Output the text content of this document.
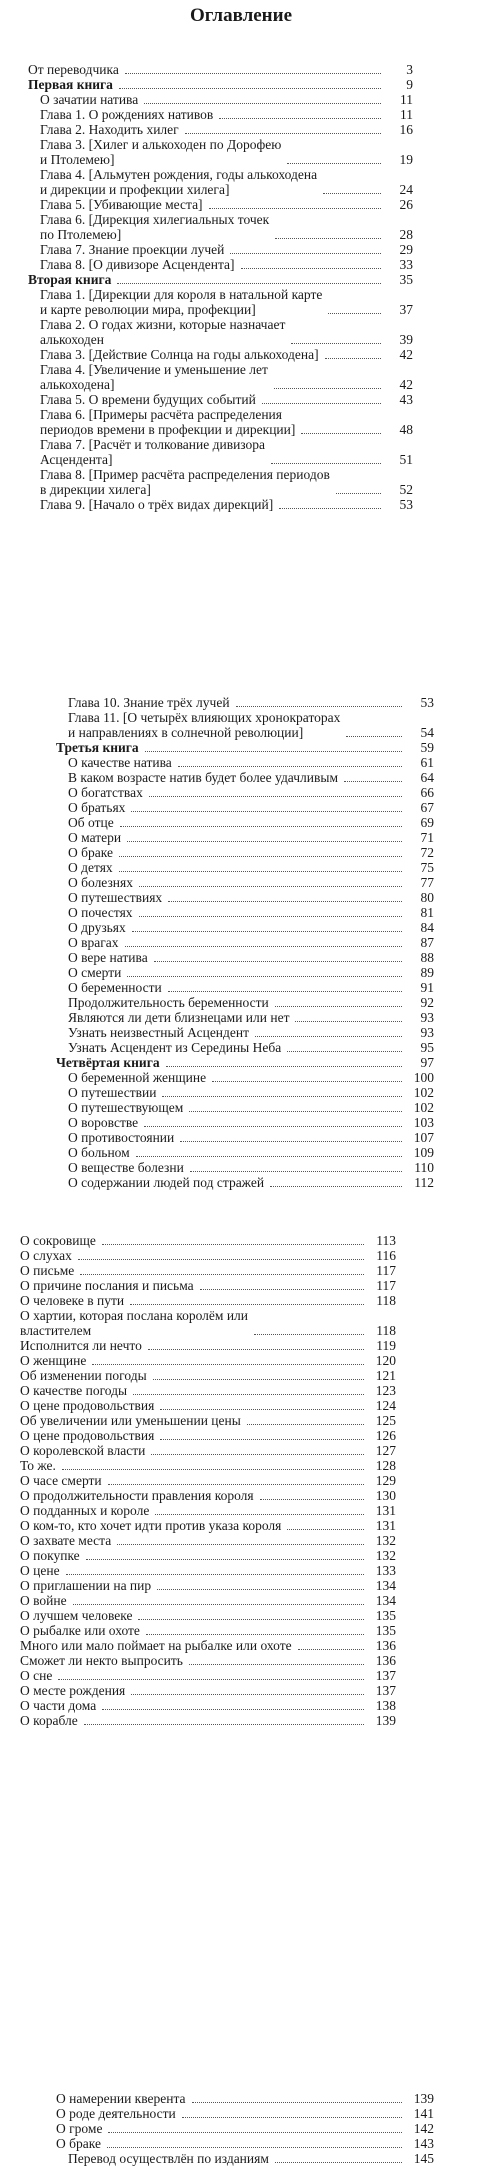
Оглавление
От переводчика	3
Первая книга	9
О зачатии натива	11
Глава 1. О рождениях нативов	11
Глава 2. Находить хилег	16
Глава 3. [Хилег и алькоходен по Дорофею
и Птолемею]	19
Глава 4. [Альмутен рождения, годы алькоходена
и дирекции и профекции хилега]	24
Глава 5. [Убивающие места]	26
Глава 6. [Дирекция хилегиальных точек
по Птолемею]	28
Глава 7. Знание проекции лучей	29
Глава 8. [О дивизоре Асцендента]	33
Вторая книга	35
Глава 1. [Дирекции для короля в натальной карте
и карте революции мира, профекции]	37
Глава 2. О годах жизни, которые назначает
алькоходен	39
Глава 3. [Действие Солнца на годы алькоходена]	42
Глава 4. [Увеличение и уменьшение лет
алькоходена]	42
Глава 5. О времени будущих событий	43
Глава 6. [Примеры расчёта распределения
периодов времени в профекции и дирекции]	48
Глава 7. [Расчёт и толкование дивизора
Асцендента]	51
Глава 8. [Пример расчёта распределения периодов
в дирекции хилега]	52
Глава 9. [Начало о трёх видах дирекций]	53
Глава 10. Знание трёх лучей	53
Глава 11. [О четырёх влияющих хронократорах
и направлениях в солнечной революции]	54
Третья книга	59
О качестве натива	61
В каком возрасте натив будет более удачливым	64
О богатствах	66
О братьях	67
Об отце	69
О матери	71
О браке	72
О детях	75
О болезнях	77
О путешествиях	80
О почестях	81
О друзьях	84
О врагах	87
О вере натива	88
О смерти	89
О беременности	91
Продолжительность беременности	92
Являются ли дети близнецами или нет	93
Узнать неизвестный Асцендент	93
Узнать Асцендент из Середины Неба	95
Четвёртая книга	97
О беременной женщине	100
О путешествии	102
О путешествующем	102
О воровстве	103
О противостоянии	107
О больном	109
О веществе болезни	110
О содержании людей под стражей	112
О сокровище	113
О слухах	116
О письме	117
О причине послания и письма	117
О человеке в пути	118
О хартии, которая послана королём или
властителем	118
Исполнится ли нечто	119
О женщине	120
Об изменении погоды	121
О качестве погоды	123
О цене продовольствия	124
Об увеличении или уменьшении цены	125
О цене продовольствия	126
О королевской власти	127
То же.	128
О часе смерти	129
О продолжительности правления короля	130
О подданных и короле	131
О ком-то, кто хочет идти против указа короля	131
О захвате места	132
О покупке	132
О цене	133
О приглашении на пир	134
О войне	134
О лучшем человеке	135
О рыбалке или охоте	135
Много или мало поймает на рыбалке или охоте	136
Сможет ли некто выпросить	136
О сне	137
О месте рождения	137
О части дома	138
О корабле	139
О намерении кверента	139
О роде деятельности	141
О громе	142
О браке	143
Перевод осуществлён по изданиям	145
